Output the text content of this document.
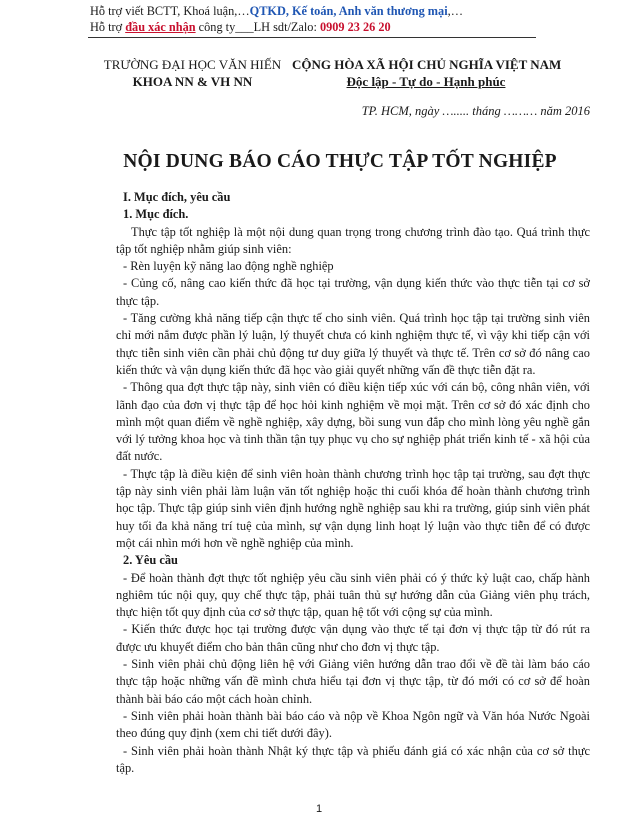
Hỗ trợ viết BCTT, Khoá luận,…QTKD, Kế toán, Anh văn thương mại,…
Hỗ trợ đầu xác nhận công ty___LH sdt/Zalo: 0909 23 26 20
TRƯỜNG ĐẠI HỌC VĂN HIẾN
KHOA NN & VH NN
CỘNG HÒA XÃ HỘI CHỦ NGHĨA VIỆT NAM
Độc lập - Tự do - Hạnh phúc
TP. HCM, ngày …..... tháng ……… năm 2016
NỘI DUNG BÁO CÁO THỰC TẬP TỐT NGHIỆP

I. Mục đích, yêu cầu

1. Mục đích.

Thực tập tốt nghiệp là một nội dung quan trọng trong chương trình đào tạo. Quá trình thực tập tốt nghiệp nhằm giúp sinh viên:

- Rèn luyện kỹ năng lao động nghề nghiệp

- Củng cố, nâng cao kiến thức đã học tại trường, vận dụng kiến thức vào thực tiễn tại cơ sở thực tập.

- Tăng cường khả năng tiếp cận thực tế cho sinh viên. Quá trình học tập tại trường sinh viên chỉ mới nắm được phần lý luận, lý thuyết chưa có kinh nghiệm thực tế, vì vậy khi tiếp cận với thực tiễn sinh viên cần phải chủ động tư duy giữa lý thuyết và thực tế. Trên cơ sở đó nâng cao kiến thức và vận dụng kiến thức đã học vào giải quyết những vấn đề thực tiễn đặt ra.

- Thông qua đợt thực tập này, sinh viên có điều kiện tiếp xúc với cán bộ, công nhân viên, với lãnh đạo của đơn vị thực tập để học hỏi kinh nghiệm về mọi mặt. Trên cơ sở đó xác định cho mình một quan điểm về nghề nghiệp, xây dựng, bồi sung vun đắp cho mình lòng yêu nghề gắn với lý tưởng khoa học và tinh thần tận tụy phục vụ cho sự nghiệp phát triển kinh tế - xã hội của đất nước.

- Thực tập là điều kiện để sinh viên hoàn thành chương trình học tập tại trường, sau đợt thực tập này sinh viên phải làm luận văn tốt nghiệp hoặc thi cuối khóa để hoàn thành chương trình học tập. Thực tập giúp sinh viên định hướng nghề nghiệp sau khi ra trường, giúp sinh viên phát huy tối đa khả năng trí tuệ của mình, sự vận dụng linh hoạt lý luận vào thực tiễn để có được một cái nhìn mới hơn về nghề nghiệp của mình.

2. Yêu cầu

- Để hoàn thành đợt thực tốt nghiệp yêu cầu sinh viên phải có ý thức kỷ luật cao, chấp hành nghiêm túc nội quy, quy chế thực tập, phải tuân thủ sự hướng dẫn của Giảng viên phụ trách, thực hiện tốt quy định của cơ sở thực tập, quan hệ tốt với cộng sự của mình.

- Kiến thức được học tại trường được vận dụng vào thực tế tại đơn vị thực tập từ đó rút ra được ưu khuyết điểm cho bản thân cũng như cho đơn vị thực tập.

- Sinh viên phải chủ động liên hệ với Giảng viên hướng dẫn trao đổi về đề tài làm báo cáo thực tập hoặc những vấn đề mình chưa hiểu tại đơn vị thực tập, từ đó mới có cơ sở để hoàn thành bài báo cáo một cách hoàn chỉnh.

- Sinh viên phải hoàn thành bài báo cáo và nộp về Khoa Ngôn ngữ và Văn hóa Nước Ngoài theo đúng quy định (xem chi tiết dưới đây).

- Sinh viên phải hoàn thành Nhật ký thực tập và phiếu đánh giá có xác nhận của cơ sở thực tập.

1
